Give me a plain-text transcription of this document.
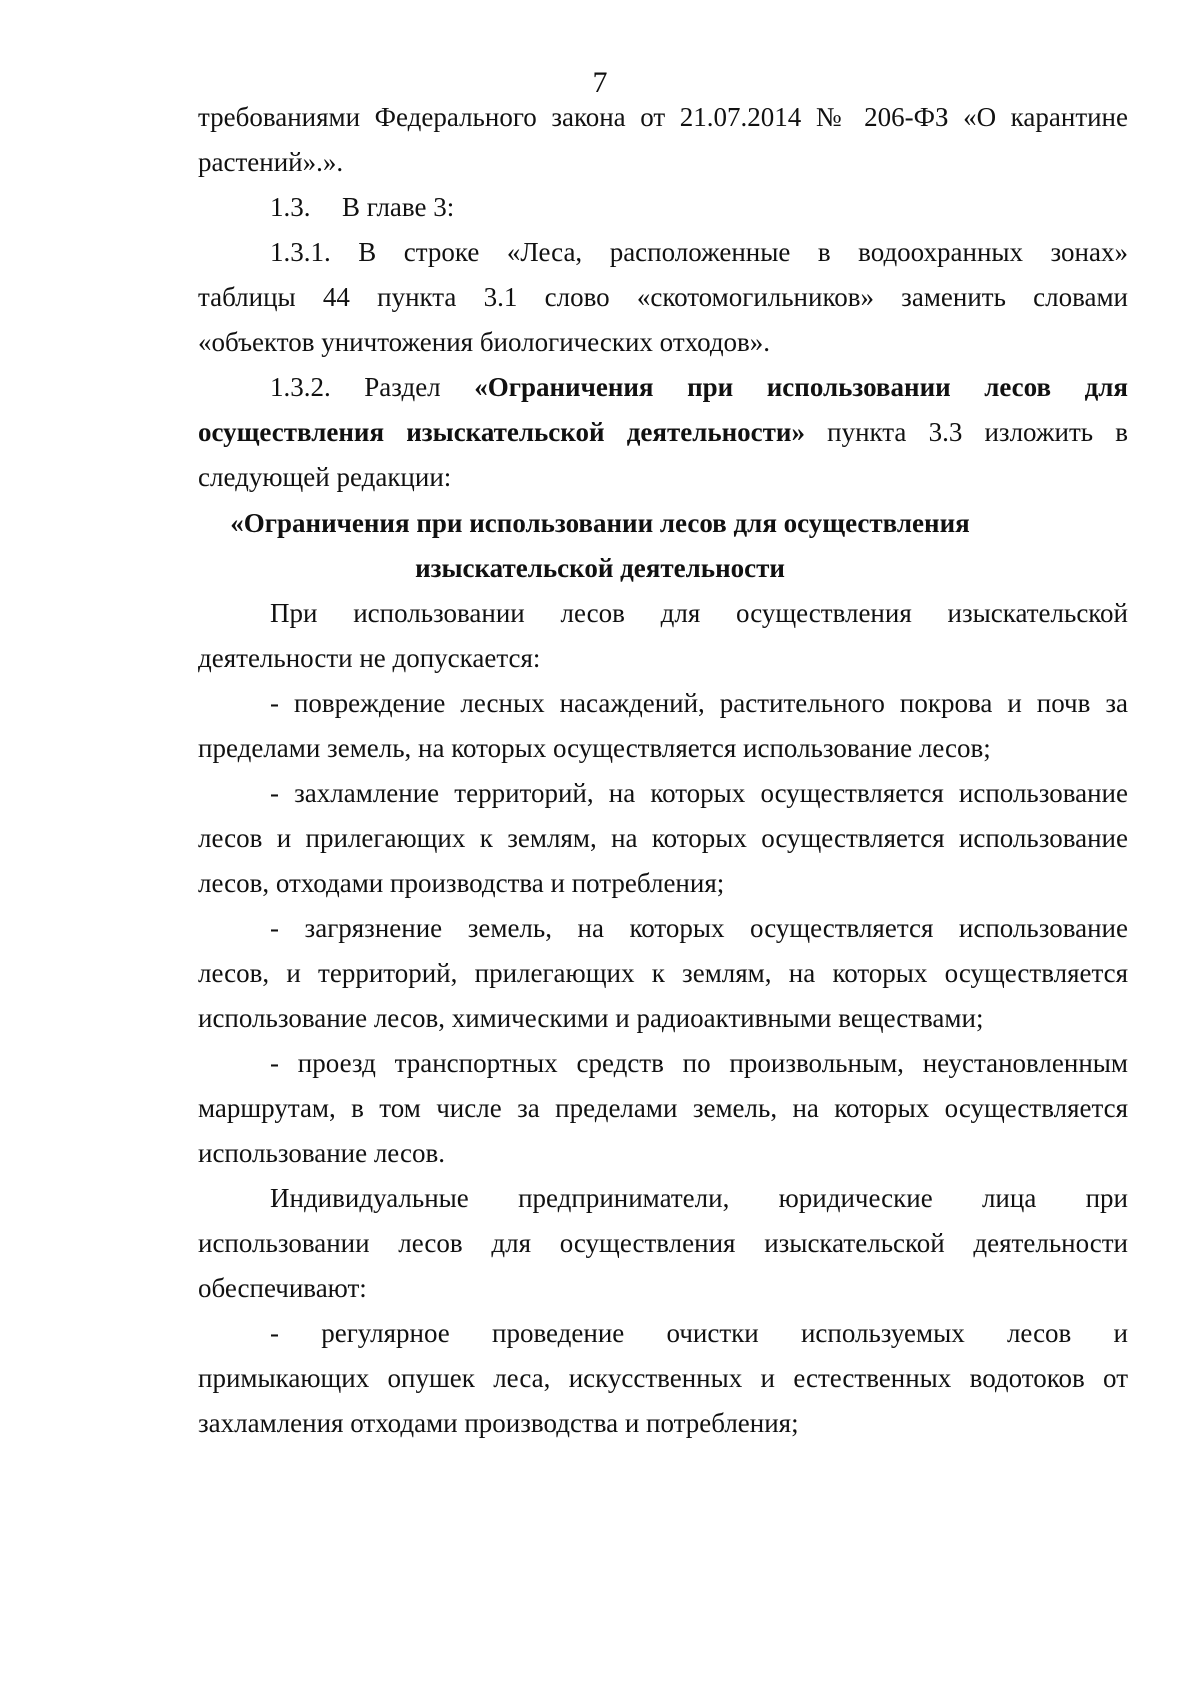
7
требованиями Федерального закона от 21.07.2014 № 206-ФЗ «О карантине
растений».».
1.3. В главе 3:
1.3.1. В строке «Леса, расположенные в водоохранных зонах»
таблицы 44 пункта 3.1 слово «скотомогильников» заменить словами
«объектов уничтожения биологических отходов».
1.3.2. Раздел «Ограничения при использовании лесов для
осуществления изыскательской деятельности» пункта 3.3 изложить в
следующей редакции:
«Ограничения при использовании лесов для осуществления
изыскательской деятельности
При использовании лесов для осуществления изыскательской
деятельности не допускается:
- повреждение лесных насаждений, растительного покрова и почв за
пределами земель, на которых осуществляется использование лесов;
- захламление территорий, на которых осуществляется использование
лесов и прилегающих к землям, на которых осуществляется использование
лесов, отходами производства и потребления;
- загрязнение земель, на которых осуществляется использование
лесов, и территорий, прилегающих к землям, на которых осуществляется
использование лесов, химическими и радиоактивными веществами;
- проезд транспортных средств по произвольным, неустановленным
маршрутам, в том числе за пределами земель, на которых осуществляется
использование лесов.
Индивидуальные предприниматели, юридические лица при
использовании лесов для осуществления изыскательской деятельности
обеспечивают:
- регулярное проведение очистки используемых лесов и
примыкающих опушек леса, искусственных и естественных водотоков от
захламления отходами производства и потребления;
